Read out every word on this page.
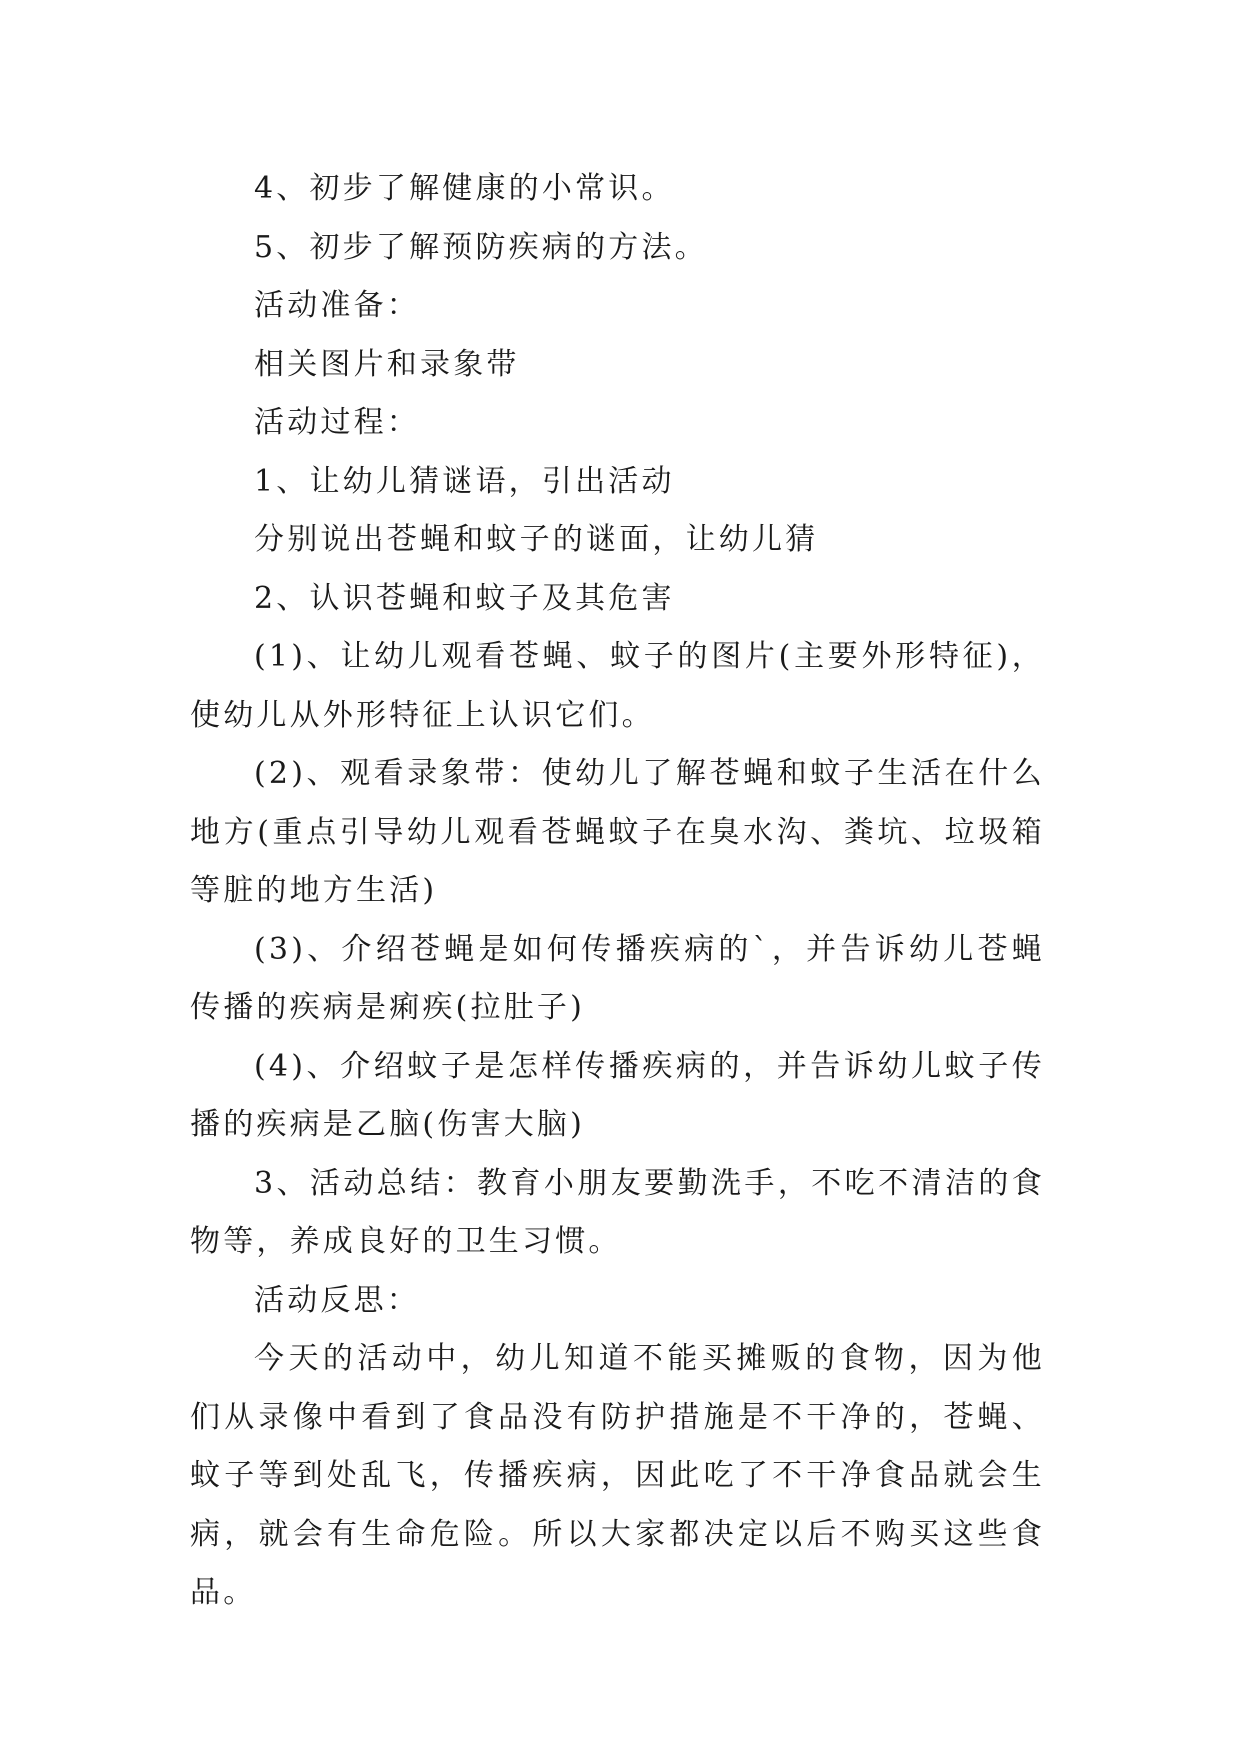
4、初步了解健康的小常识。

5、初步了解预防疾病的方法。

活动准备：

相关图片和录象带

活动过程：

1、让幼儿猜谜语，引出活动

分别说出苍蝇和蚊子的谜面，让幼儿猜

2、认识苍蝇和蚊子及其危害

(1)、让幼儿观看苍蝇、蚊子的图片(主要外形特征)，使幼儿从外形特征上认识它们。

(2)、观看录象带：使幼儿了解苍蝇和蚊子生活在什么地方(重点引导幼儿观看苍蝇蚊子在臭水沟、粪坑、垃圾箱等脏的地方生活)

(3)、介绍苍蝇是如何传播疾病的`，并告诉幼儿苍蝇传播的疾病是痢疾(拉肚子)

(4)、介绍蚊子是怎样传播疾病的，并告诉幼儿蚊子传播的疾病是乙脑(伤害大脑)

3、活动总结：教育小朋友要勤洗手，不吃不清洁的食物等，养成良好的卫生习惯。

活动反思：

今天的活动中，幼儿知道不能买摊贩的食物，因为他们从录像中看到了食品没有防护措施是不干净的，苍蝇、蚊子等到处乱飞，传播疾病，因此吃了不干净食品就会生病，就会有生命危险。所以大家都决定以后不购买这些食品。
